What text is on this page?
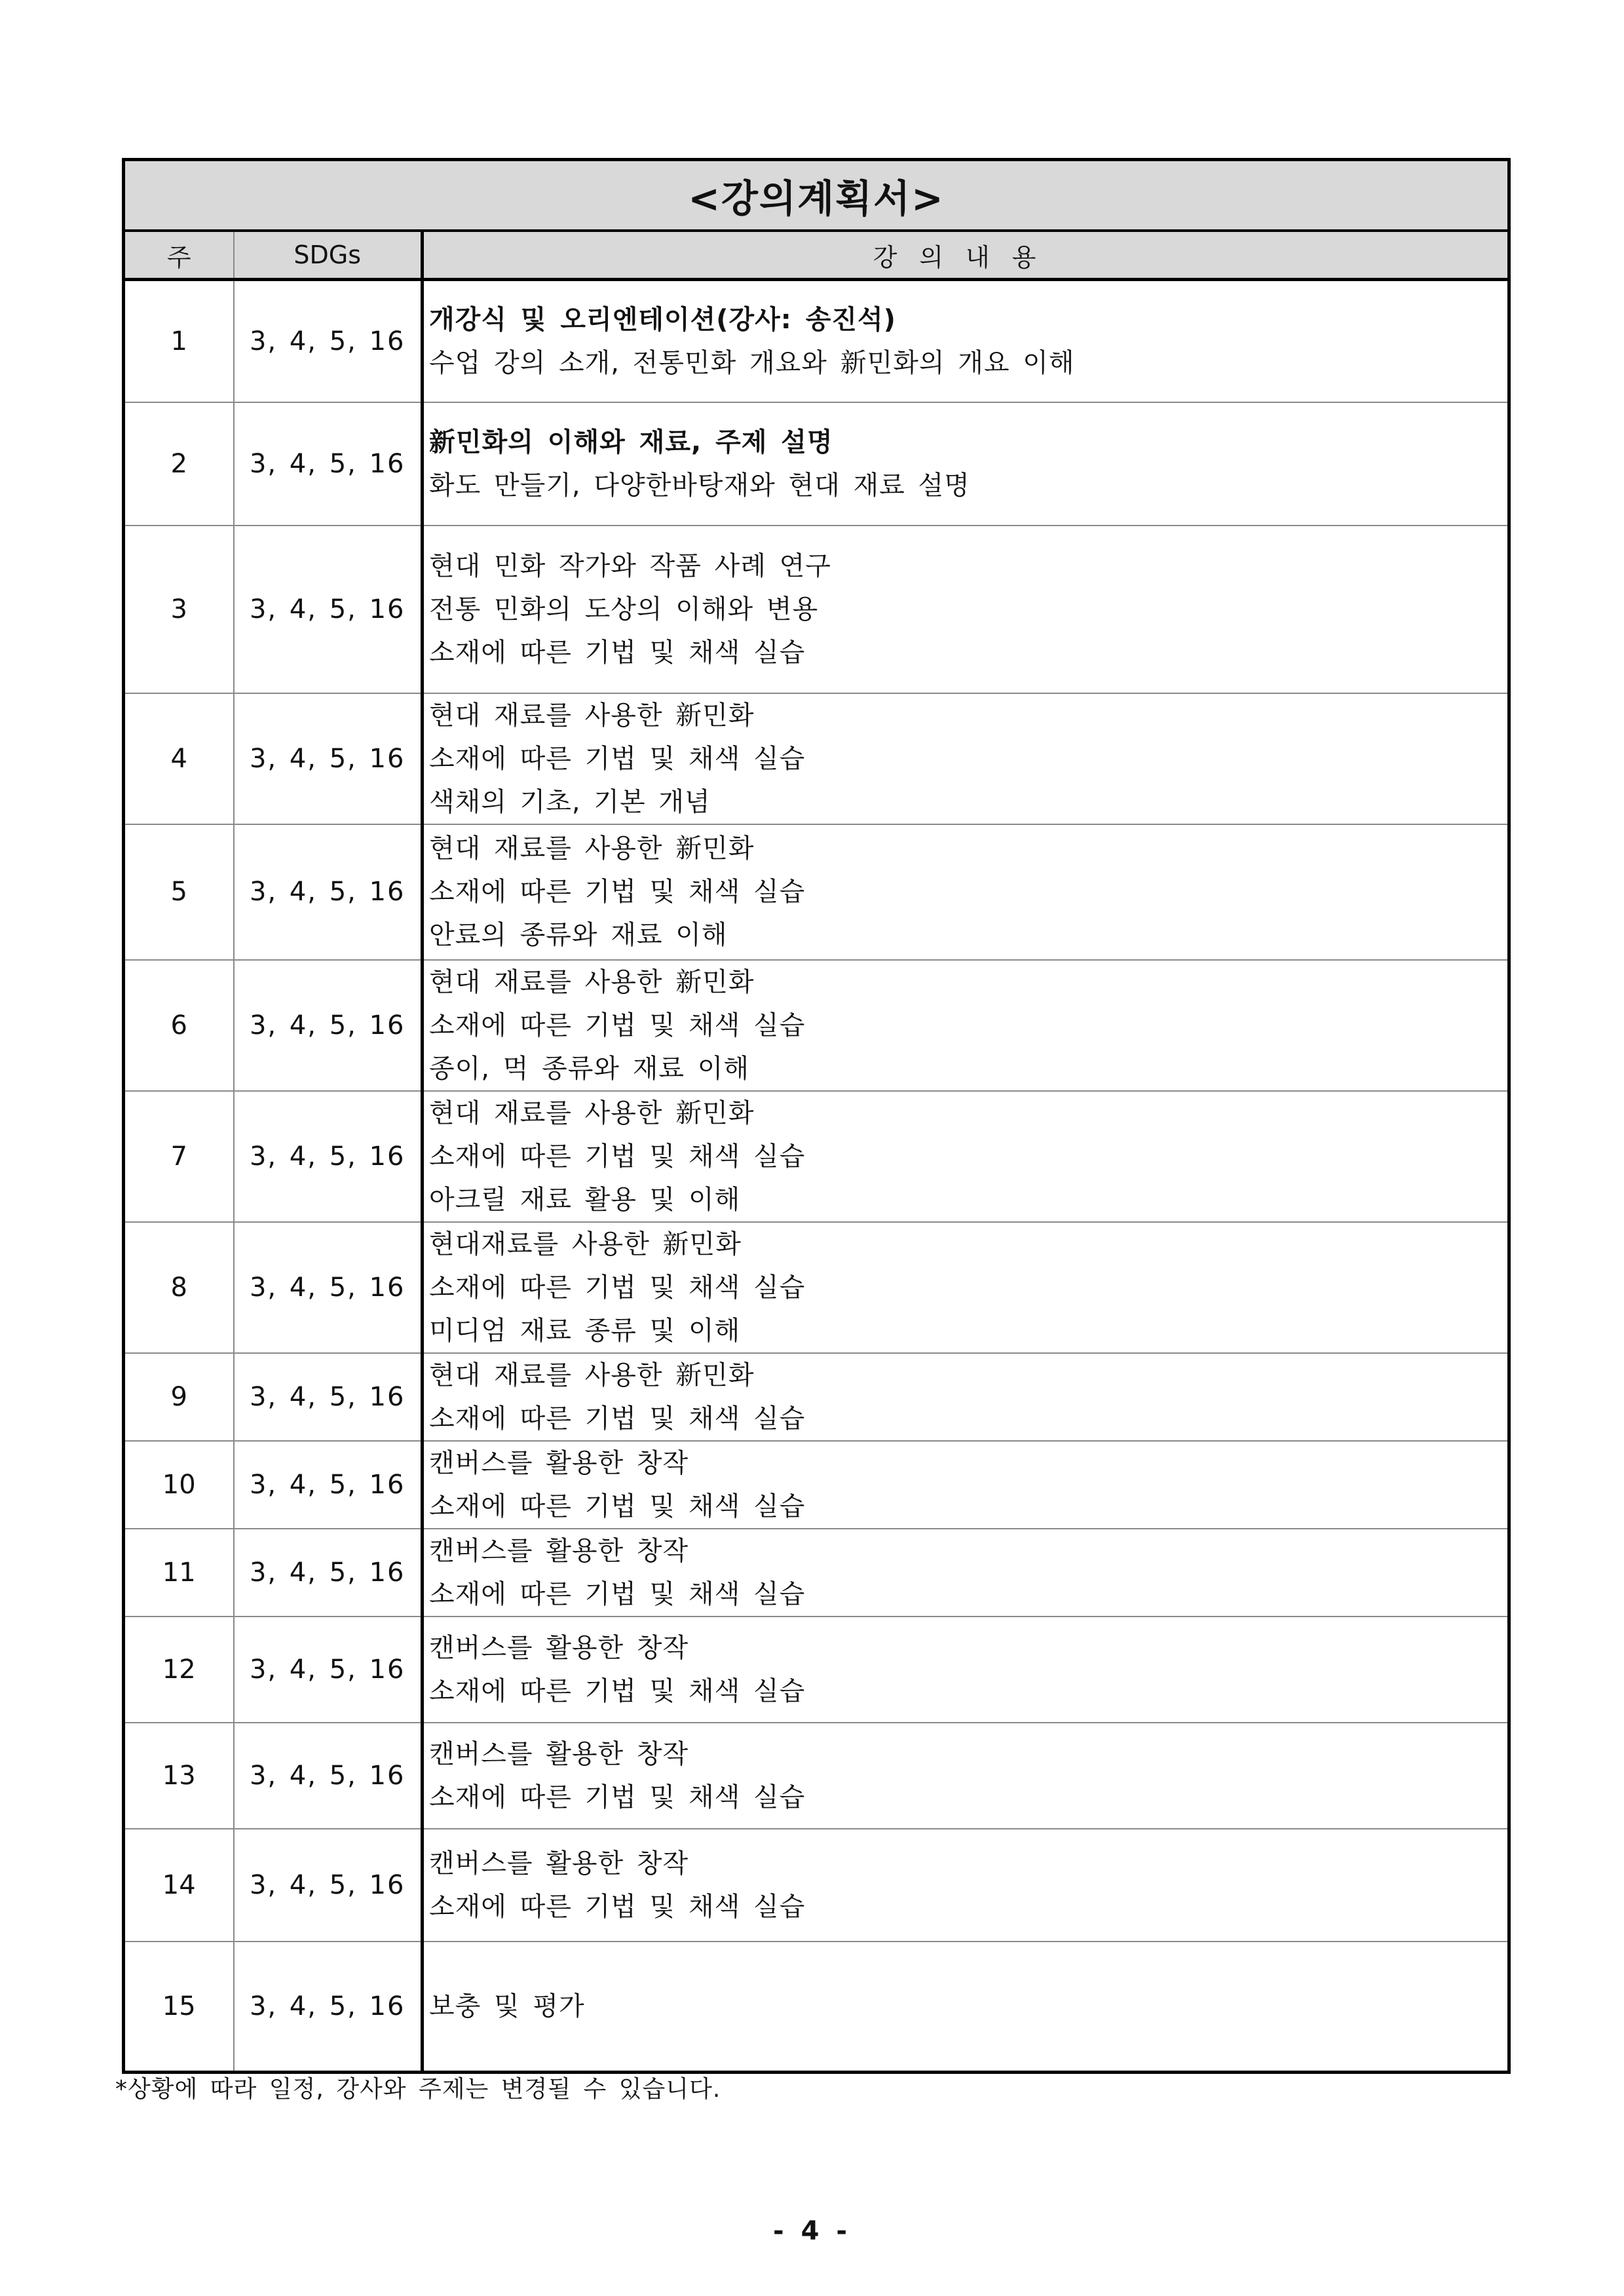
<강의계획서>		
주	SDGs	강의내용
1	3, 4, 5, 16	개강식 및 오리엔테이션(강사: 송진석)
수업 강의 소개, 전통민화 개요와 新민화의 개요 이해

2	3, 4, 5, 16	新민화의 이해와 재료, 주제 설명
화도 만들기, 다양한바탕재와 현대 재료 설명

3	3, 4, 5, 16	현대 민화 작가와 작품 사례 연구
전통 민화의 도상의 이해와 변용
소재에 따른 기법 및 채색 실습

4	3, 4, 5, 16	현대 재료를 사용한 新민화
소재에 따른 기법 및 채색 실습
색채의 기초, 기본 개념

5	3, 4, 5, 16	현대 재료를 사용한 新민화
소재에 따른 기법 및 채색 실습
안료의 종류와 재료 이해

6	3, 4, 5, 16	현대 재료를 사용한 新민화
소재에 따른 기법 및 채색 실습
종이, 먹 종류와 재료 이해

7	3, 4, 5, 16	현대 재료를 사용한 新민화
소재에 따른 기법 및 채색 실습
아크릴 재료 활용 및 이해

8	3, 4, 5, 16	현대재료를 사용한 新민화
소재에 따른 기법 및 채색 실습
미디엄 재료 종류 및 이해

9	3, 4, 5, 16	현대 재료를 사용한 新민화
소재에 따른 기법 및 채색 실습

10	3, 4, 5, 16	캔버스를 활용한 창작
소재에 따른 기법 및 채색 실습

11	3, 4, 5, 16	캔버스를 활용한 창작
소재에 따른 기법 및 채색 실습

12	3, 4, 5, 16	캔버스를 활용한 창작
소재에 따른 기법 및 채색 실습

13	3, 4, 5, 16	캔버스를 활용한 창작
소재에 따른 기법 및 채색 실습

14	3, 4, 5, 16	캔버스를 활용한 창작
소재에 따른 기법 및 채색 실습

15	3, 4, 5, 16	보충 및 평가
*상황에 따라 일정, 강사와 주제는 변경될 수 있습니다.
- 4 -
